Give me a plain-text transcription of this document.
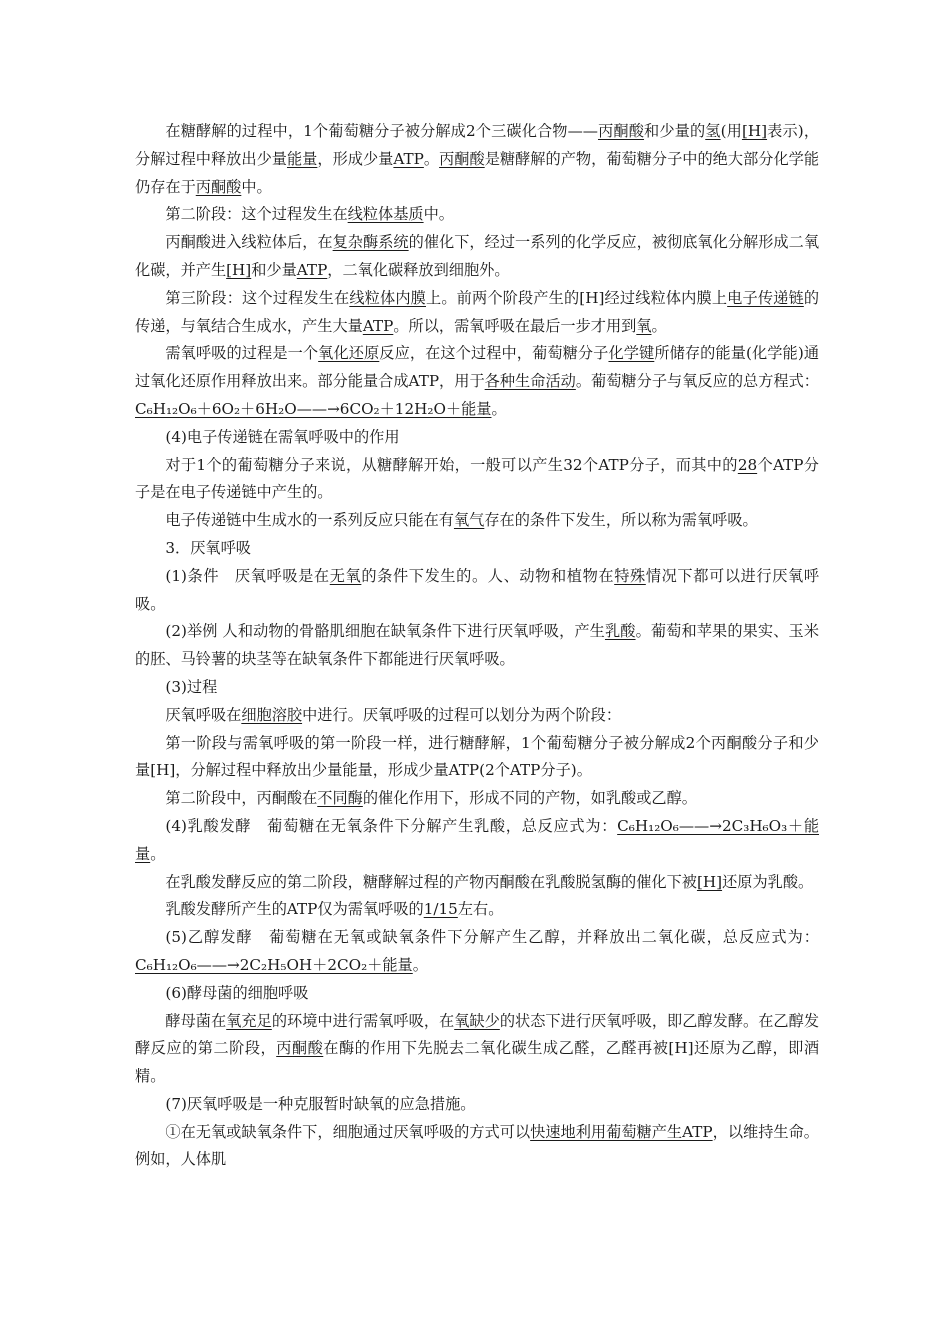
在糖酵解的过程中，1个葡萄糖分子被分解成2个三碳化合物——丙酮酸和少量的氢(用[H]表示)，分解过程中释放出少量能量，形成少量ATP。丙酮酸是糖酵解的产物，葡萄糖分子中的绝大部分化学能仍存在于丙酮酸中。

第二阶段：这个过程发生在线粒体基质中。

丙酮酸进入线粒体后，在复杂酶系统的催化下，经过一系列的化学反应，被彻底氧化分解形成二氧化碳，并产生[H]和少量ATP，二氧化碳释放到细胞外。

第三阶段：这个过程发生在线粒体内膜上。前两个阶段产生的[H]经过线粒体内膜上电子传递链的传递，与氧结合生成水，产生大量ATP。所以，需氧呼吸在最后一步才用到氧。

需氧呼吸的过程是一个氧化还原反应，在这个过程中，葡萄糖分子化学键所储存的能量(化学能)通过氧化还原作用释放出来。部分能量合成ATP，用于各种生命活动。葡萄糖分子与氧反应的总方程式：C₆H₁₂O₆＋6O₂＋6H₂O——→6CO₂＋12H₂O＋能量。

(4)电子传递链在需氧呼吸中的作用

对于1个的葡萄糖分子来说，从糖酵解开始，一般可以产生32个ATP分子，而其中的28个ATP分子是在电子传递链中产生的。

电子传递链中生成水的一系列反应只能在有氧气存在的条件下发生，所以称为需氧呼吸。

3．厌氧呼吸

(1)条件　厌氧呼吸是在无氧的条件下发生的。人、动物和植物在特殊情况下都可以进行厌氧呼吸。

(2)举例 人和动物的骨骼肌细胞在缺氧条件下进行厌氧呼吸，产生乳酸。葡萄和苹果的果实、玉米的胚、马铃薯的块茎等在缺氧条件下都能进行厌氧呼吸。

(3)过程

厌氧呼吸在细胞溶胶中进行。厌氧呼吸的过程可以划分为两个阶段：

第一阶段与需氧呼吸的第一阶段一样，进行糖酵解，1个葡萄糖分子被分解成2个丙酮酸分子和少量[H]，分解过程中释放出少量能量，形成少量ATP(2个ATP分子)。

第二阶段中，丙酮酸在不同酶的催化作用下，形成不同的产物，如乳酸或乙醇。

(4)乳酸发酵　葡萄糖在无氧条件下分解产生乳酸，总反应式为：C₆H₁₂O₆——→2C₃H₆O₃＋能量。

在乳酸发酵反应的第二阶段，糖酵解过程的产物丙酮酸在乳酸脱氢酶的催化下被[H]还原为乳酸。

乳酸发酵所产生的ATP仅为需氧呼吸的1/15左右。

(5)乙醇发酵　葡萄糖在无氧或缺氧条件下分解产生乙醇，并释放出二氧化碳，总反应式为： C₆H₁₂O₆——→2C₂H₅OH＋2CO₂＋能量。

(6)酵母菌的细胞呼吸

酵母菌在氧充足的环境中进行需氧呼吸，在氧缺少的状态下进行厌氧呼吸，即乙醇发酵。在乙醇发酵反应的第二阶段，丙酮酸在酶的作用下先脱去二氧化碳生成乙醛，乙醛再被[H]还原为乙醇，即酒精。

(7)厌氧呼吸是一种克服暂时缺氧的应急措施。

①在无氧或缺氧条件下，细胞通过厌氧呼吸的方式可以快速地利用葡萄糖产生ATP，以维持生命。例如，人体肌
